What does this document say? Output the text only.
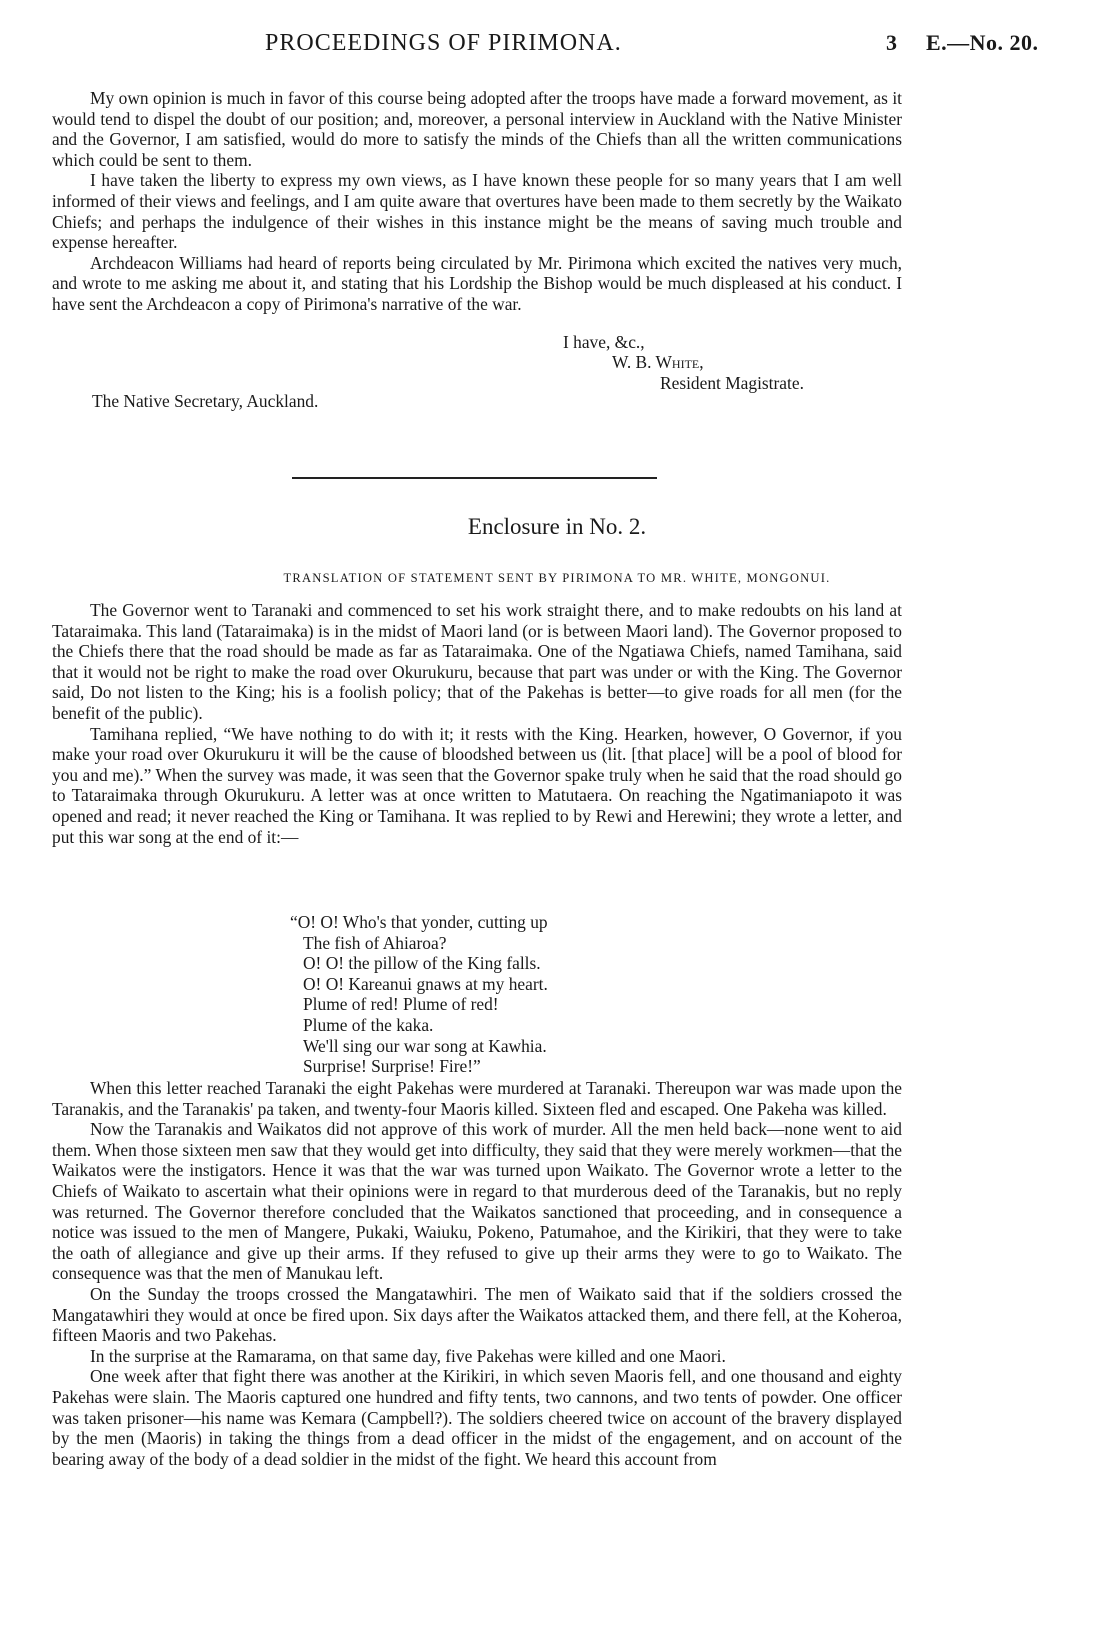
PROCEEDINGS OF PIRIMONA.	3 E.—No. 20.

My own opinion is much in favor of this course being adopted after the troops have made a forward movement, as it would tend to dispel the doubt of our position; and, moreover, a personal interview in Auckland with the Native Minister and the Governor, I am satisfied, would do more to satisfy the minds of the Chiefs than all the written communications which could be sent to them.

I have taken the liberty to express my own views, as I have known these people for so many years that I am well informed of their views and feelings, and I am quite aware that overtures have been made to them secretly by the Waikato Chiefs; and perhaps the indulgence of their wishes in this instance might be the means of saving much trouble and expense hereafter.

Archdeacon Williams had heard of reports being circulated by Mr. Pirimona which excited the natives very much, and wrote to me asking me about it, and stating that his Lordship the Bishop would be much displeased at his conduct. I have sent the Archdeacon a copy of Pirimona's narrative of the war.

I have, &c.,
W. B. White,
Resident Magistrate.
The Native Secretary, Auckland.
Enclosure in No. 2.
TRANSLATION OF STATEMENT SENT BY PIRIMONA TO MR. WHITE, MONGONUI.

The Governor went to Taranaki and commenced to set his work straight there, and to make redoubts on his land at Tataraimaka. This land (Tataraimaka) is in the midst of Maori land (or is between Maori land). The Governor proposed to the Chiefs there that the road should be made as far as Tataraimaka. One of the Ngatiawa Chiefs, named Tamihana, said that it would not be right to make the road over Okurukuru, because that part was under or with the King. The Governor said, Do not listen to the King; his is a foolish policy; that of the Pakehas is better—to give roads for all men (for the benefit of the public).

Tamihana replied, “We have nothing to do with it; it rests with the King. Hearken, however, O Governor, if you make your road over Okurukuru it will be the cause of bloodshed between us (lit. [that place] will be a pool of blood for you and me).” When the survey was made, it was seen that the Governor spake truly when he said that the road should go to Tataraimaka through Okurukuru. A letter was at once written to Matutaera. On reaching the Ngatimaniapoto it was opened and read; it never reached the King or Tamihana. It was replied to by Rewi and Herewini; they wrote a letter, and put this war song at the end of it:—

“O! O! Who's that yonder, cutting up
The fish of Ahiaroa?
O! O! the pillow of the King falls.
O! O! Kareanui gnaws at my heart.
Plume of red! Plume of red!
Plume of the kaka.
We'll sing our war song at Kawhia.
Surprise! Surprise! Fire!”

When this letter reached Taranaki the eight Pakehas were murdered at Taranaki. Thereupon war was made upon the Taranakis, and the Taranakis' pa taken, and twenty-four Maoris killed. Sixteen fled and escaped. One Pakeha was killed.

Now the Taranakis and Waikatos did not approve of this work of murder. All the men held back—none went to aid them. When those sixteen men saw that they would get into difficulty, they said that they were merely workmen—that the Waikatos were the instigators. Hence it was that the war was turned upon Waikato. The Governor wrote a letter to the Chiefs of Waikato to ascertain what their opinions were in regard to that murderous deed of the Taranakis, but no reply was returned. The Governor therefore concluded that the Waikatos sanctioned that proceeding, and in consequence a notice was issued to the men of Mangere, Pukaki, Waiuku, Pokeno, Patumahoe, and the Kirikiri, that they were to take the oath of allegiance and give up their arms. If they refused to give up their arms they were to go to Waikato. The consequence was that the men of Manukau left.

On the Sunday the troops crossed the Mangatawhiri. The men of Waikato said that if the soldiers crossed the Mangatawhiri they would at once be fired upon. Six days after the Waikatos attacked them, and there fell, at the Koheroa, fifteen Maoris and two Pakehas.

In the surprise at the Ramarama, on that same day, five Pakehas were killed and one Maori.

One week after that fight there was another at the Kirikiri, in which seven Maoris fell, and one thousand and eighty Pakehas were slain. The Maoris captured one hundred and fifty tents, two cannons, and two tents of powder. One officer was taken prisoner—his name was Kemara (Campbell?). The soldiers cheered twice on account of the bravery displayed by the men (Maoris) in taking the things from a dead officer in the midst of the engagement, and on account of the bearing away of the body of a dead soldier in the midst of the fight. We heard this account from
